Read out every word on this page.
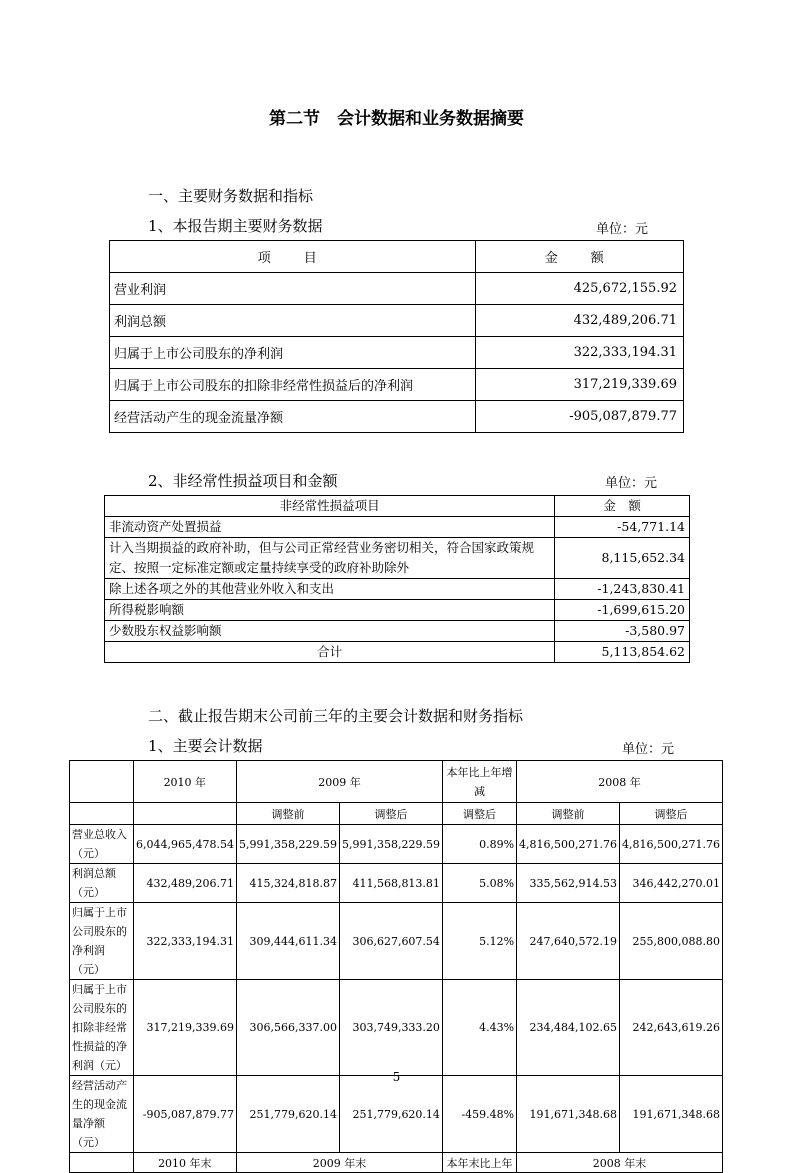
第二节　会计数据和业务数据摘要
一、主要财务数据和指标
1、本报告期主要财务数据	单位：元
项　目	金　额
营业利润	425,672,155.92
利润总额	432,489,206.71
归属于上市公司股东的净利润	322,333,194.31
归属于上市公司股东的扣除非经常性损益后的净利润	317,219,339.69
经营活动产生的现金流量净额	-905,087,879.77
2、非经常性损益项目和金额	单位：元
非经常性损益项目	金　额
非流动资产处置损益	-54,771.14
计入当期损益的政府补助，但与公司正常经营业务密切相关，符合国家政策规定、按照一定标准定额或定量持续享受的政府补助除外	8,115,652.34
除上述各项之外的其他营业外收入和支出	-1,243,830.41
所得税影响额	-1,699,615.20
少数股东权益影响额	-3,580.97
合计	5,113,854.62
二、截止报告期末公司前三年的主要会计数据和财务指标
1、主要会计数据	单位：元
	2010 年	2009 年		本年比上年增减	2008 年	
		调整前	调整后	调整后	调整前	调整后
营业总收入（元）	6,044,965,478.54	5,991,358,229.59	5,991,358,229.59	0.89%	4,816,500,271.76	4,816,500,271.76
利润总额（元）	432,489,206.71	415,324,818.87	411,568,813.81	5.08%	335,562,914.53	346,442,270.01
归属于上市公司股东的净利润（元）	322,333,194.31	309,444,611.34	306,627,607.54	5.12%	247,640,572.19	255,800,088.80
归属于上市公司股东的扣除非经常性损益的净利润（元）	317,219,339.69	306,566,337.00	303,749,333.20	4.43%	234,484,102.65	242,643,619.26
经营活动产生的现金流量净额（元）	-905,087,879.77	251,779,620.14	251,779,620.14	-459.48%	191,671,348.68	191,671,348.68
	2010 年末	2009 年末		本年末比上年	2008 年末	
5
